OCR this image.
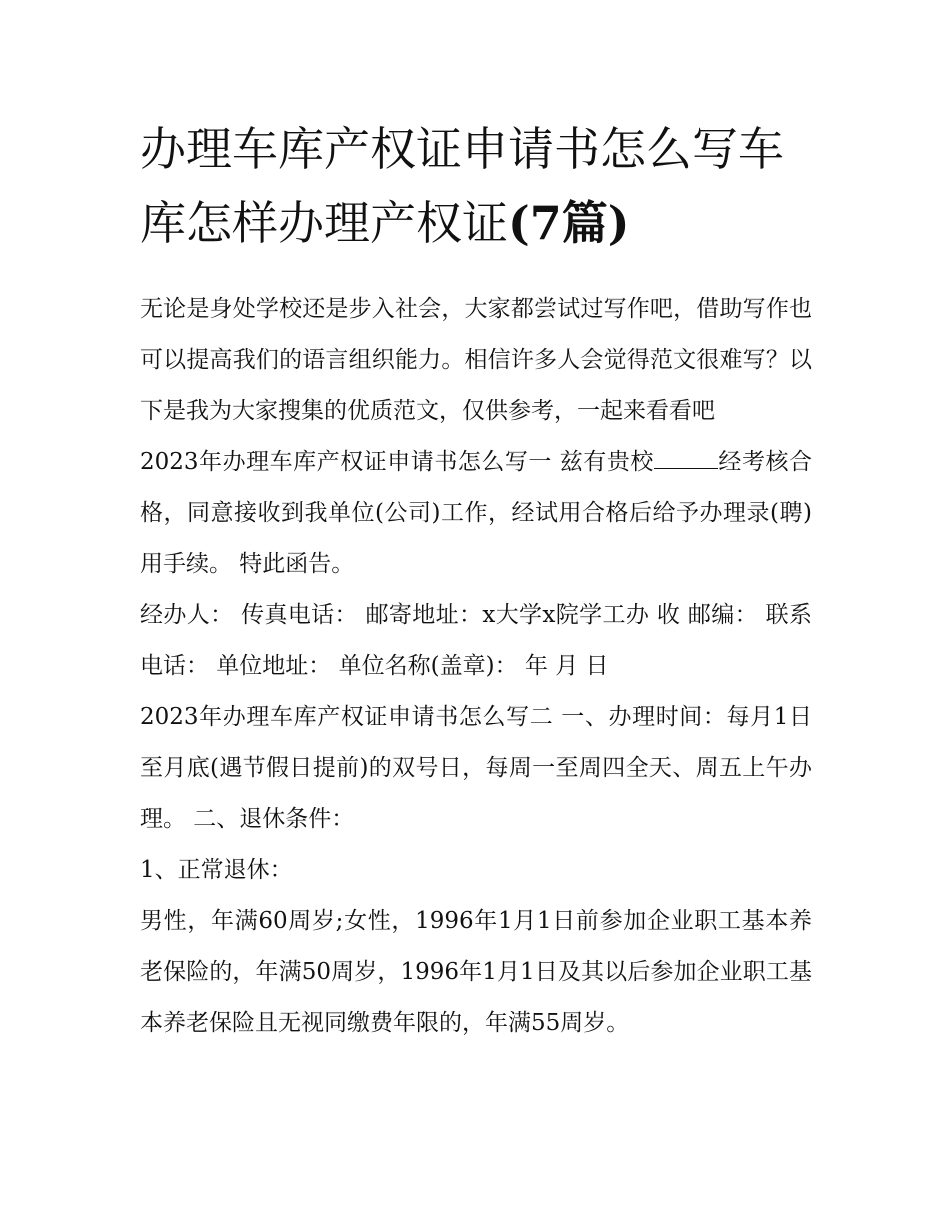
办理车库产权证申请书怎么写车库怎样办理产权证(7篇)

无论是身处学校还是步入社会，大家都尝试过写作吧，借助写作也可以提高我们的语言组织能力。相信许多人会觉得范文很难写？以下是我为大家搜集的优质范文，仅供参考，一起来看看吧

2023年办理车库产权证申请书怎么写一 兹有贵校	经考核合格，同意接收到我单位(公司)工作，经试用合格后给予办理录(聘)用手续。 特此函告。

经办人： 传真电话： 邮寄地址：x大学x院学工办 收 邮编： 联系电话： 单位地址： 单位名称(盖章)： 年 月 日

2023年办理车库产权证申请书怎么写二 一、办理时间：每月1日至月底(遇节假日提前)的双号日，每周一至周四全天、周五上午办理。 二、退休条件：

1、正常退休：

男性，年满60周岁;女性，1996年1月1日前参加企业职工基本养老保险的，年满50周岁，1996年1月1日及其以后参加企业职工基本养老保险且无视同缴费年限的，年满55周岁。
